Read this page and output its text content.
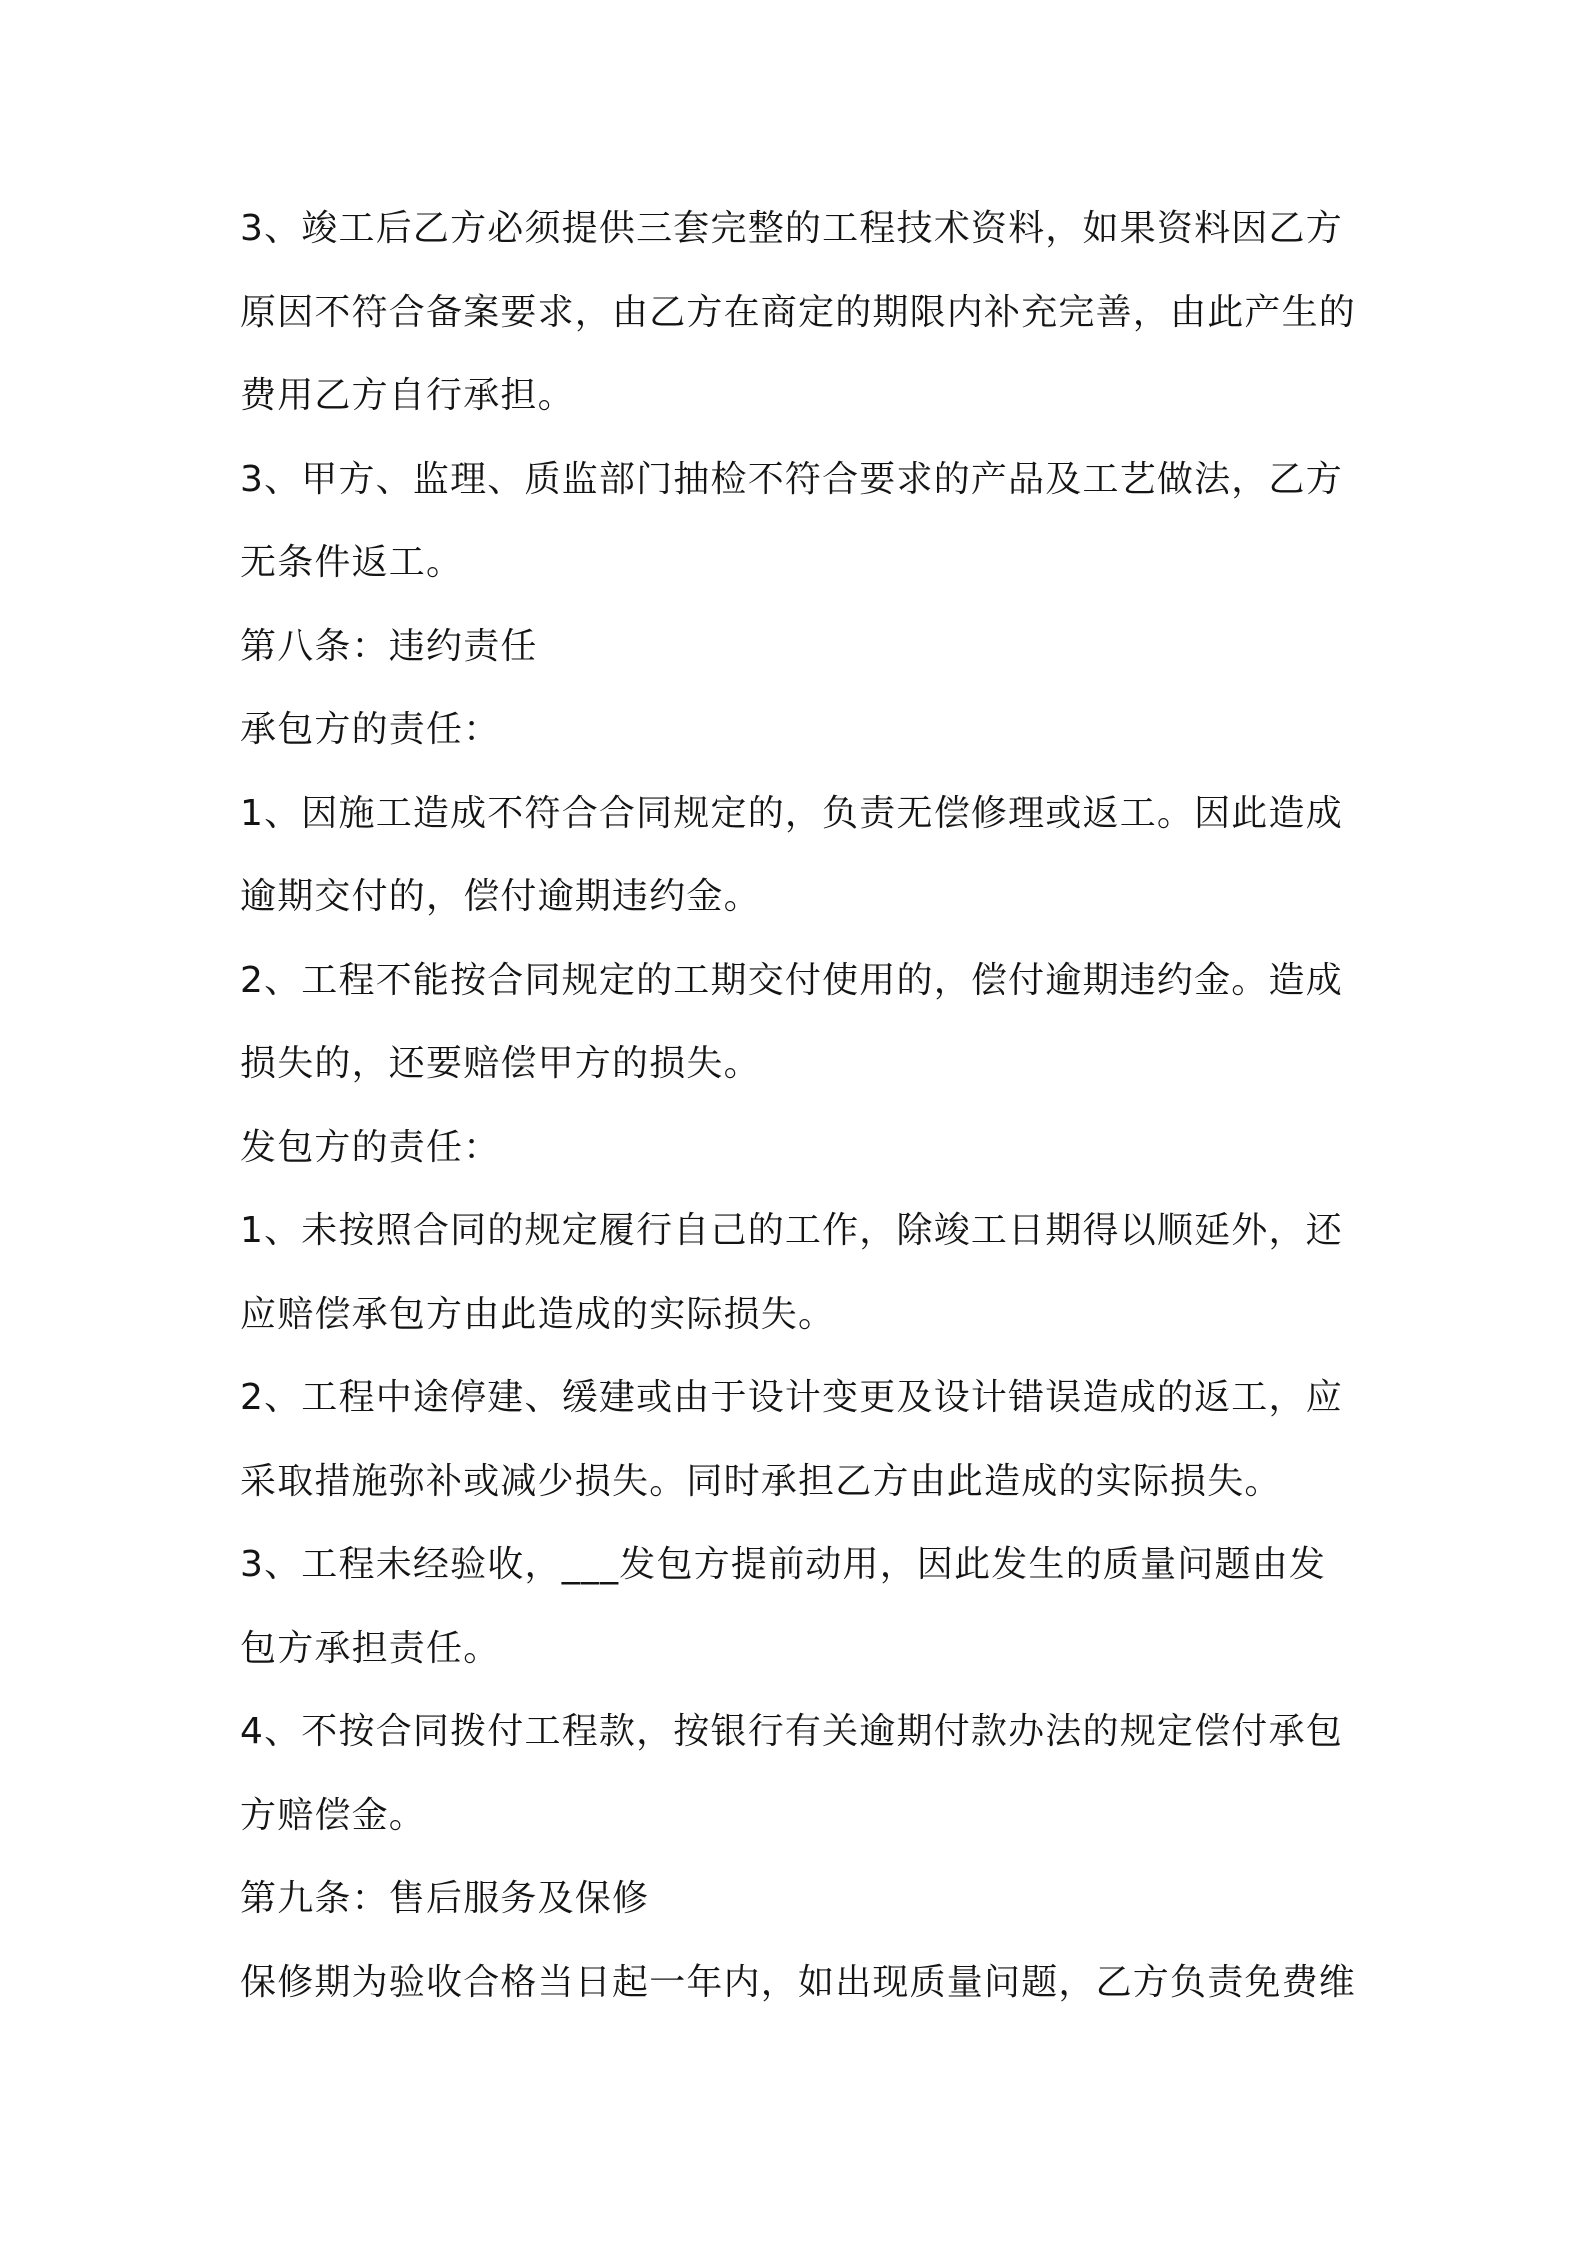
3、竣工后乙方必须提供三套完整的工程技术资料，如果资料因乙方
原因不符合备案要求，由乙方在商定的期限内补充完善，由此产生的
费用乙方自行承担。
3、甲方、监理、质监部门抽检不符合要求的产品及工艺做法，乙方
无条件返工。
第八条：违约责任
承包方的责任：
1、因施工造成不符合合同规定的，负责无偿修理或返工。因此造成
逾期交付的，偿付逾期违约金。
2、工程不能按合同规定的工期交付使用的，偿付逾期违约金。造成
损失的，还要赔偿甲方的损失。
发包方的责任：
1、未按照合同的规定履行自己的工作，除竣工日期得以顺延外，还
应赔偿承包方由此造成的实际损失。
2、工程中途停建、缓建或由于设计变更及设计错误造成的返工，应
采取措施弥补或减少损失。同时承担乙方由此造成的实际损失。
3、工程未经验收，___发包方提前动用，因此发生的质量问题由发
包方承担责任。
4、不按合同拨付工程款，按银行有关逾期付款办法的规定偿付承包
方赔偿金。
第九条：售后服务及保修
保修期为验收合格当日起一年内，如出现质量问题，乙方负责免费维
